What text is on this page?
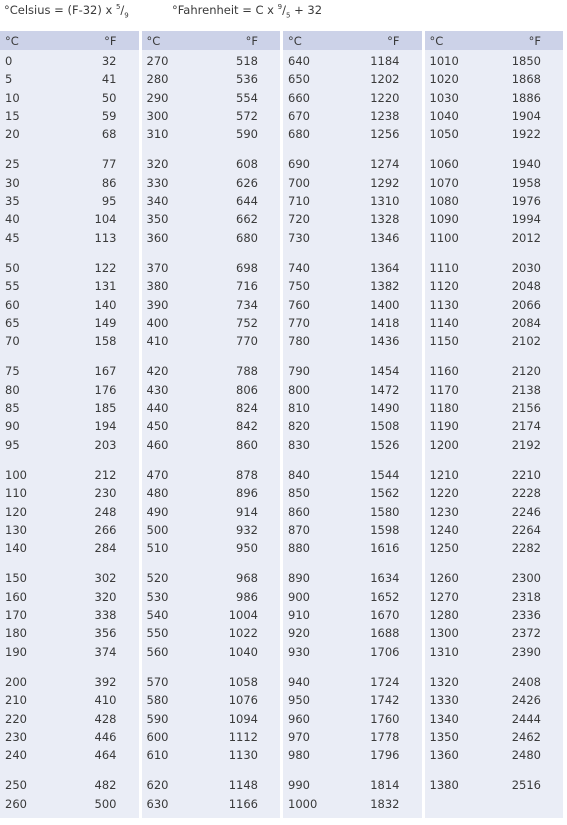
°Celsius = (F-32) x $^5/_9$	°Fahrenheit = C x $^9/_5 + 32$
°C	°F
0	32
5	41
10	50
15	59
20	68
25	77
30	86
35	95
40	104
45	113
50	122
55	131
60	140
65	149
70	158
75	167
80	176
85	185
90	194
95	203
100	212
110	230
120	248
130	266
140	284
150	302
160	320
170	338
180	356
190	374
200	392
210	410
220	428
230	446
240	464
250	482
260	500
°C	°F
270	518
280	536
290	554
300	572
310	590
320	608
330	626
340	644
350	662
360	680
370	698
380	716
390	734
400	752
410	770
420	788
430	806
440	824
450	842
460	860
470	878
480	896
490	914
500	932
510	950
520	968
530	986
540	1004
550	1022
560	1040
570	1058
580	1076
590	1094
600	1112
610	1130
620	1148
630	1166
°C	°F
640	1184
650	1202
660	1220
670	1238
680	1256
690	1274
700	1292
710	1310
720	1328
730	1346
740	1364
750	1382
760	1400
770	1418
780	1436
790	1454
800	1472
810	1490
820	1508
830	1526
840	1544
850	1562
860	1580
870	1598
880	1616
890	1634
900	1652
910	1670
920	1688
930	1706
940	1724
950	1742
960	1760
970	1778
980	1796
990	1814
1000	1832
°C	°F
1010	1850
1020	1868
1030	1886
1040	1904
1050	1922
1060	1940
1070	1958
1080	1976
1090	1994
1100	2012
1110	2030
1120	2048
1130	2066
1140	2084
1150	2102
1160	2120
1170	2138
1180	2156
1190	2174
1200	2192
1210	2210
1220	2228
1230	2246
1240	2264
1250	2282
1260	2300
1270	2318
1280	2336
1300	2372
1310	2390
1320	2408
1330	2426
1340	2444
1350	2462
1360	2480
1380	2516
